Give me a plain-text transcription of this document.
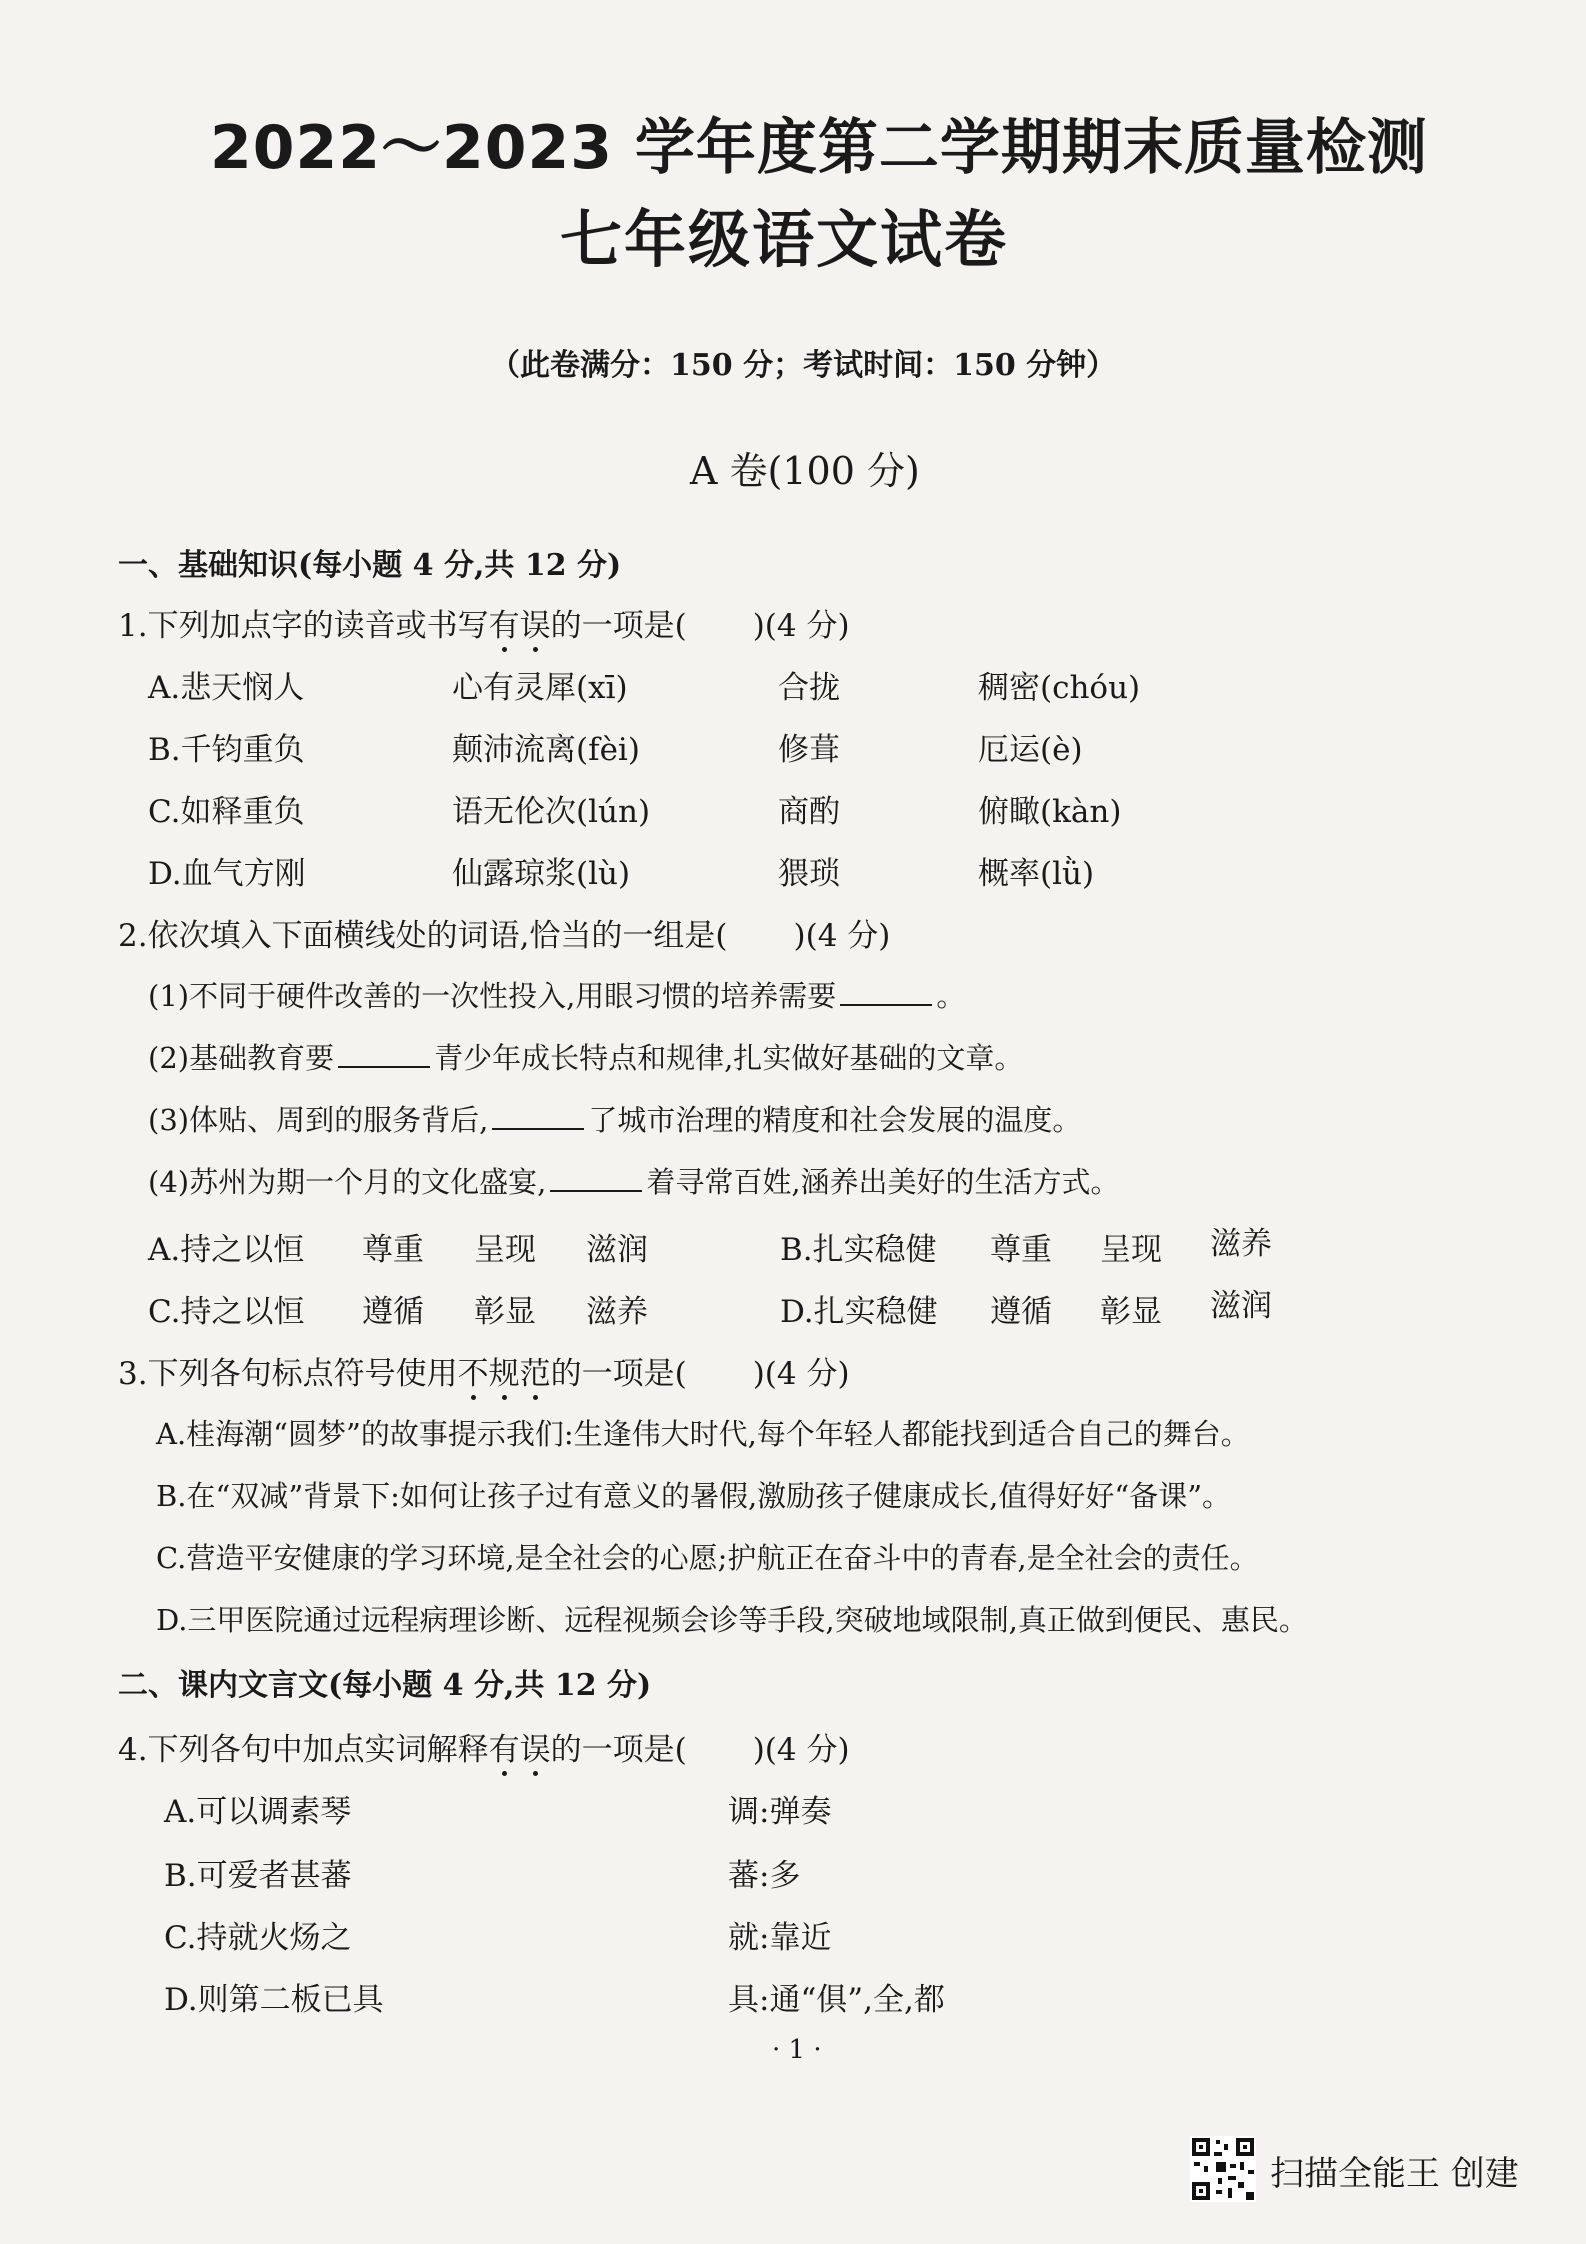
2022～2023 学年度第二学期期末质量检测
七年级语文试卷
（此卷满分：150 分；考试时间：150 分钟）
A 卷(100 分)
一、基础知识(每小题 4 分,共 12 分)
1.下列加点字的读音或书写有误的一项是( )(4 分)
A.悲天悯人	心有灵犀(xī)	合拢	稠密(chóu)
B.千钧重负	颠沛流离(fèi)	修葺	厄运(è)
C.如释重负	语无伦次(lún)	商酌	俯瞰(kàn)
D.血气方刚	仙露琼浆(lù)	猥琐	概率(lǜ)
2.依次填入下面横线处的词语,恰当的一组是( )(4 分)
(1)不同于硬件改善的一次性投入,用眼习惯的培养需要	。
(2)基础教育要	青少年成长特点和规律,扎实做好基础的文章。
(3)体贴、周到的服务背后,	了城市治理的精度和社会发展的温度。
(4)苏州为期一个月的文化盛宴,	着寻常百姓,涵养出美好的生活方式。
A.持之以恒 尊重 呈现 滋润	B.扎实稳健 尊重 呈现 滋养
C.持之以恒 遵循 彰显 滋养	D.扎实稳健 遵循 彰显 滋润
3.下列各句标点符号使用不规范的一项是( )(4 分)
A.桂海潮“圆梦”的故事提示我们:生逢伟大时代,每个年轻人都能找到适合自己的舞台。
B.在“双减”背景下:如何让孩子过有意义的暑假,激励孩子健康成长,值得好好“备课”。
C.营造平安健康的学习环境,是全社会的心愿;护航正在奋斗中的青春,是全社会的责任。
D.三甲医院通过远程病理诊断、远程视频会诊等手段,突破地域限制,真正做到便民、惠民。
二、课内文言文(每小题 4 分,共 12 分)
4.下列各句中加点实词解释有误的一项是( )(4 分)
A.可以调素琴	调:弹奏
B.可爱者甚蕃	蕃:多
C.持就火炀之	就:靠近
D.则第二板已具	具:通“俱”,全,都
· 1 ·
扫描全能王 创建
